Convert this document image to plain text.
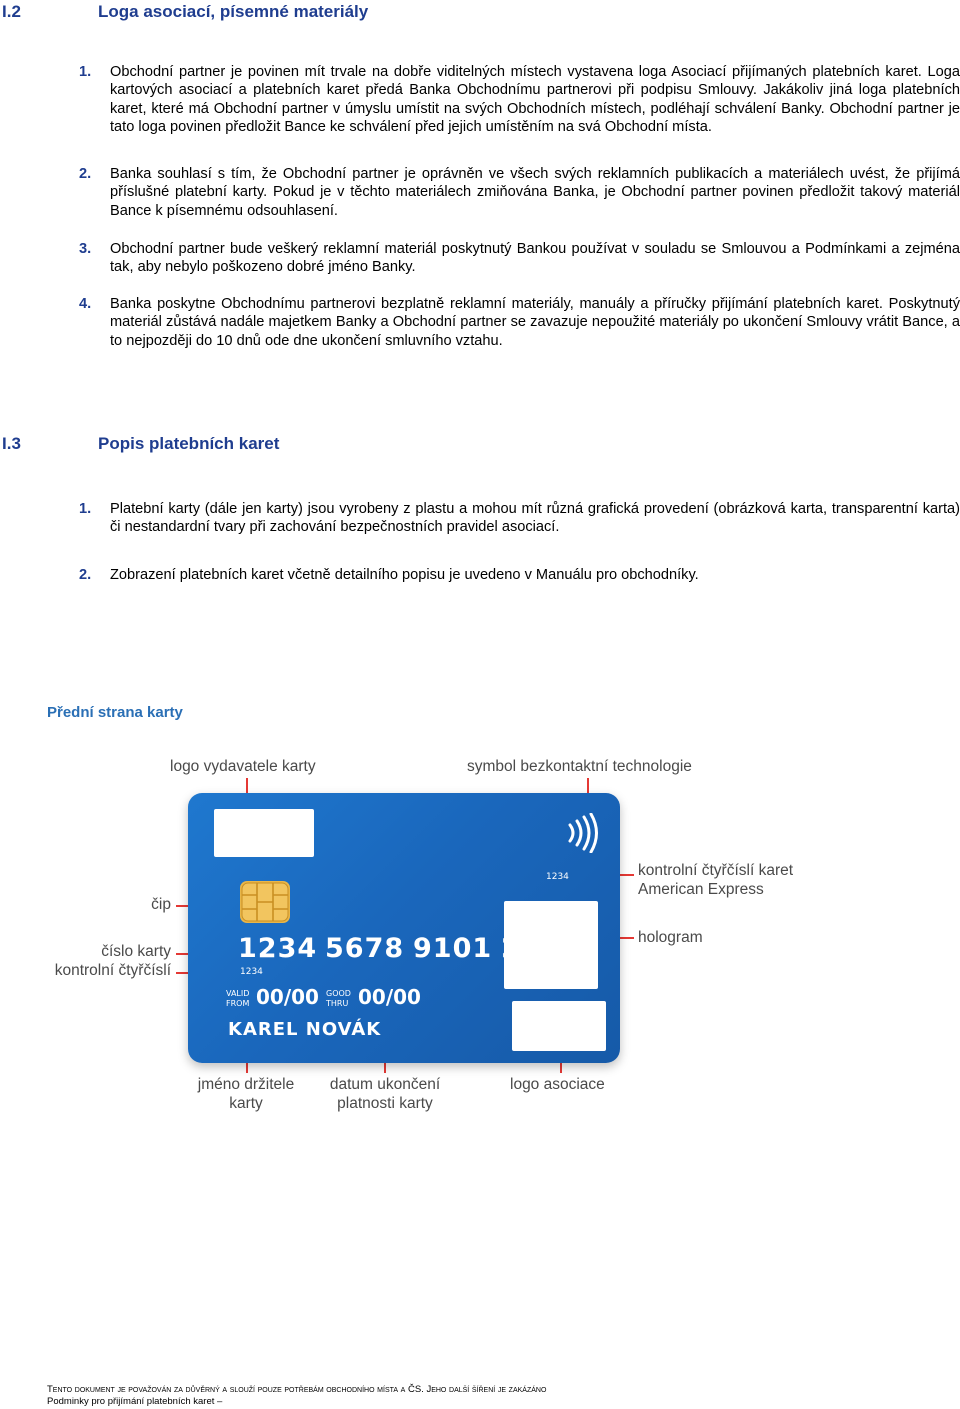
I.2	Loga asociací, písemné materiály
1. Obchodní partner je povinen mít trvale na dobře viditelných místech vystavena loga Asociací přijímaných platebních karet. Loga kartových asociací a platebních karet předá Banka Obchodnímu partnerovi při podpisu Smlouvy. Jakákoliv jiná loga platebních karet, které má Obchodní partner v úmyslu umístit na svých Obchodních místech, podléhají schválení Banky. Obchodní partner je tato loga povinen předložit Bance ke schválení před jejich umístěním na svá Obchodní místa.
2. Banka souhlasí s tím, že Obchodní partner je oprávněn ve všech svých reklamních publikacích a materiálech uvést, že přijímá příslušné platební karty. Pokud je v těchto materiálech zmiňována Banka, je Obchodní partner povinen předložit takový materiál Bance k písemnému odsouhlasení.
3. Obchodní partner bude veškerý reklamní materiál poskytnutý Bankou používat v souladu se Smlouvou a Podmínkami a zejména tak, aby nebylo poškozeno dobré jméno Banky.
4. Banka poskytne Obchodnímu partnerovi bezplatně reklamní materiály, manuály a příručky přijímání platebních karet. Poskytnutý materiál zůstává nadále majetkem Banky a Obchodní partner se zavazuje nepoužité materiály po ukončení Smlouvy vrátit Bance, a to nejpozději do 10 dnů ode dne ukončení smluvního vztahu.
I.3	Popis platebních karet
1. Platební karty (dále jen karty) jsou vyrobeny z plastu a mohou mít různá grafická provedení (obrázková karta, transparentní karta) či nestandardní tvary při zachování bezpečnostních pravidel asociací.
2. Zobrazení platebních karet včetně detailního popisu je uvedeno v Manuálu pro obchodníky.
Přední strana karty
logo vydavatele karty	symbol bezkontaktní technologie
kontrolní čtyřčíslí karet
American Express
čip
číslo karty
kontrolní čtyřčíslí
hologram
jméno držitele
karty
datum ukončení
platnosti karty
logo asociace
1234
1234 5678 9101 2345
1234
VALID
FROM 00/00 GOOD
THRU 00/00
KAREL NOVÁK
Tento dokument je považován za důvěrný a slouží pouze potřebám obchodního místa a ČS. Jeho další šíření je zakázáno
Podminky pro přijímání platebních karet –
